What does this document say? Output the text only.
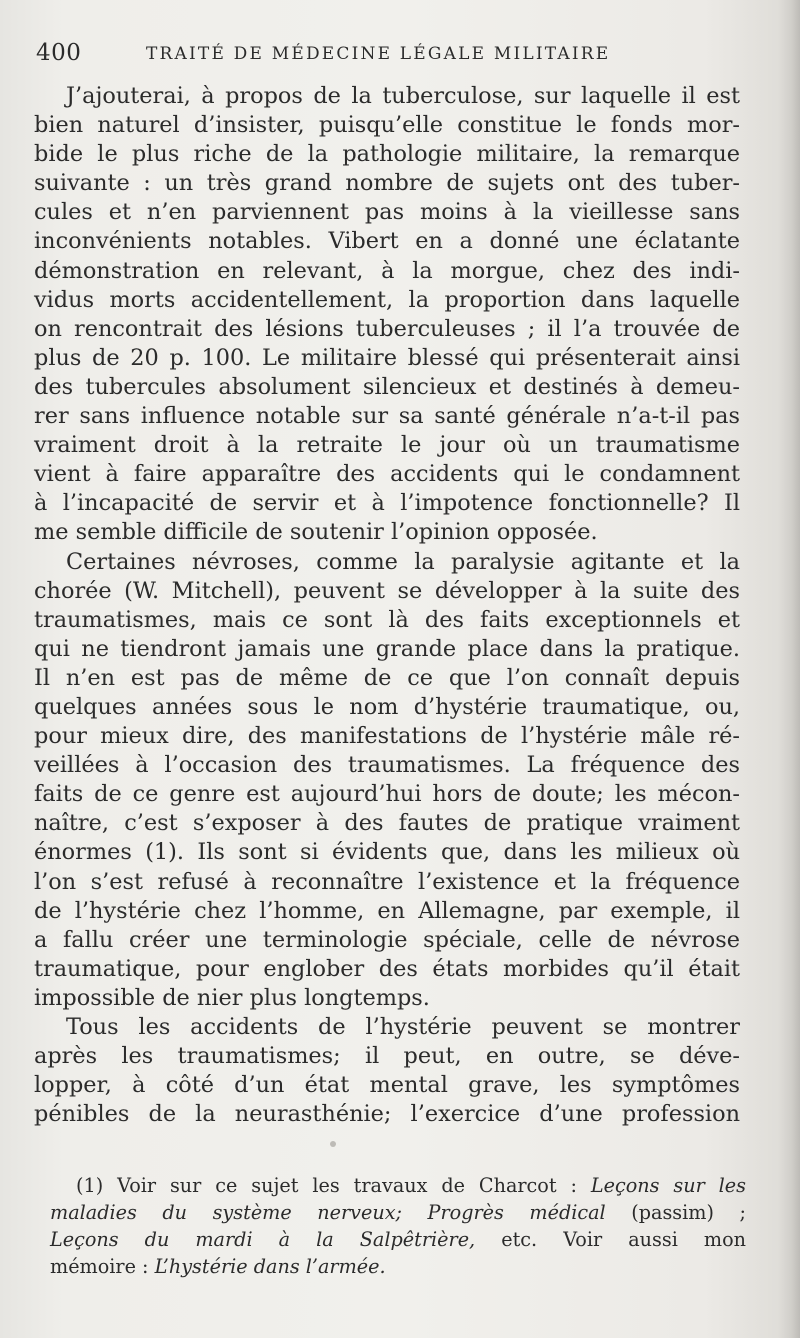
400	TRAITÉ DE MÉDECINE LÉGALE MILITAIRE
J’ajouterai, à propos de la tuberculose, sur laquelle il est
bien naturel d’insister, puisqu’elle constitue le fonds mor-
bide le plus riche de la pathologie militaire, la remarque
suivante : un très grand nombre de sujets ont des tuber-
cules et n’en parviennent pas moins à la vieillesse sans
inconvénients notables. Vibert en a donné une éclatante
démonstration en relevant, à la morgue, chez des indi-
vidus morts accidentellement, la proportion dans laquelle
on rencontrait des lésions tuberculeuses ; il l’a trouvée de
plus de 20 p. 100. Le militaire blessé qui présenterait ainsi
des tubercules absolument silencieux et destinés à demeu-
rer sans influence notable sur sa santé générale n’a-t-il pas
vraiment droit à la retraite le jour où un traumatisme
vient à faire apparaître des accidents qui le condamnent
à l’incapacité de servir et à l’impotence fonctionnelle? Il
me semble difficile de soutenir l’opinion opposée.
Certaines névroses, comme la paralysie agitante et la
chorée (W. Mitchell), peuvent se développer à la suite des
traumatismes, mais ce sont là des faits exceptionnels et
qui ne tiendront jamais une grande place dans la pratique.
Il n’en est pas de même de ce que l’on connaît depuis
quelques années sous le nom d’hystérie traumatique, ou,
pour mieux dire, des manifestations de l’hystérie mâle ré-
veillées à l’occasion des traumatismes. La fréquence des
faits de ce genre est aujourd’hui hors de doute; les mécon-
naître, c’est s’exposer à des fautes de pratique vraiment
énormes (1). Ils sont si évidents que, dans les milieux où
l’on s’est refusé à reconnaître l’existence et la fréquence
de l’hystérie chez l’homme, en Allemagne, par exemple, il
a fallu créer une terminologie spéciale, celle de névrose
traumatique, pour englober des états morbides qu’il était
impossible de nier plus longtemps.
Tous les accidents de l’hystérie peuvent se montrer
après les traumatismes; il peut, en outre, se déve-
lopper, à côté d’un état mental grave, les symptômes
pénibles de la neurasthénie; l’exercice d’une profession
(1) Voir sur ce sujet les travaux de Charcot : Leçons sur les
maladies du système nerveux; Progrès médical (passim) ;
Leçons du mardi à la Salpêtrière, etc. Voir aussi mon
mémoire : L’hystérie dans l’armée.
